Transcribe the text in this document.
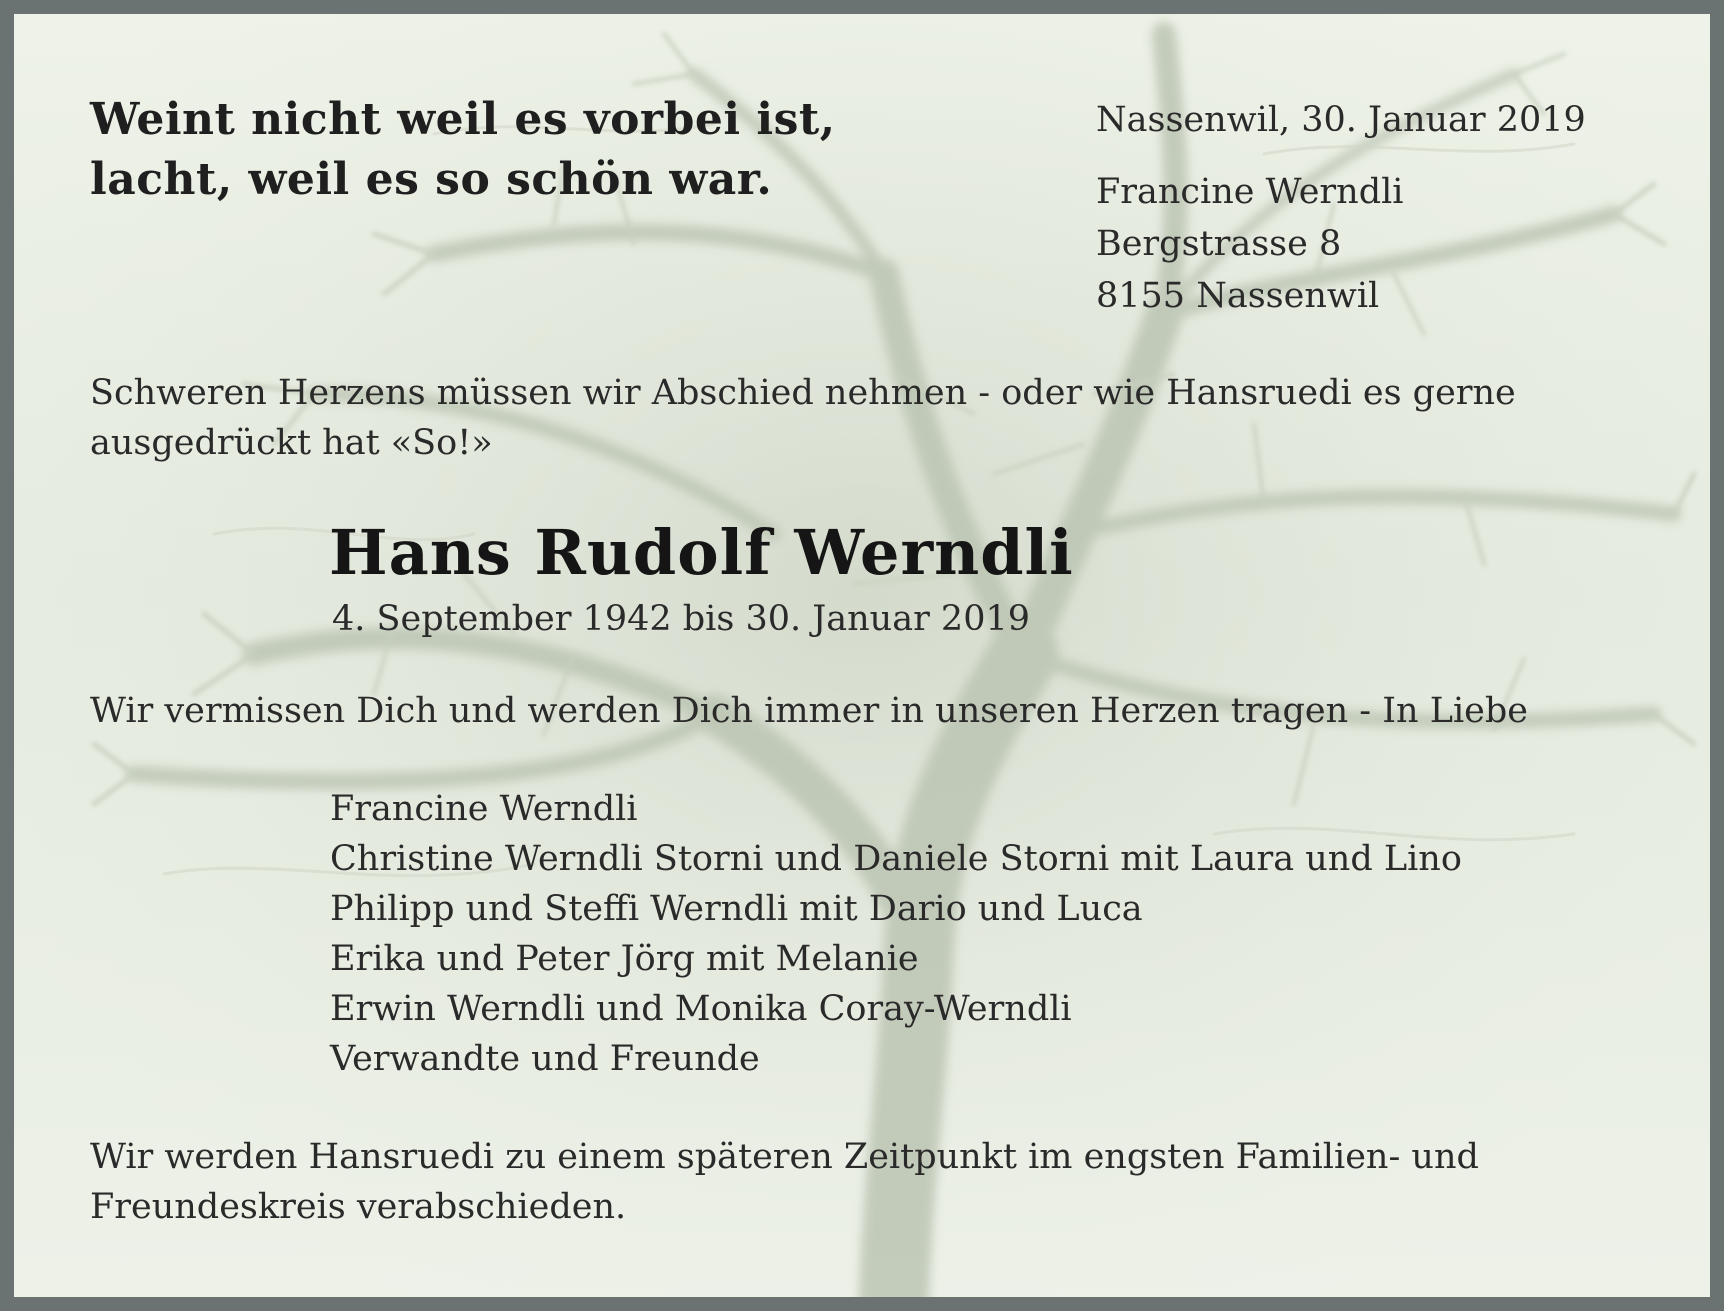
Weint nicht weil es vorbei ist,
lacht, weil es so schön war.
Nassenwil, 30. Januar 2019
Francine Werndli
Bergstrasse 8
8155 Nassenwil
Schweren Herzens müssen wir Abschied nehmen - oder wie Hansruedi es gerne
ausgedrückt hat «So!»
Hans Rudolf Werndli
4. September 1942 bis 30. Januar 2019
Wir vermissen Dich und werden Dich immer in unseren Herzen tragen - In Liebe
Francine Werndli
Christine Werndli Storni und Daniele Storni mit Laura und Lino
Philipp und Steffi Werndli mit Dario und Luca
Erika und Peter Jörg mit Melanie
Erwin Werndli und Monika Coray-Werndli
Verwandte und Freunde
Wir werden Hansruedi zu einem späteren Zeitpunkt im engsten Familien- und
Freundeskreis verabschieden.
